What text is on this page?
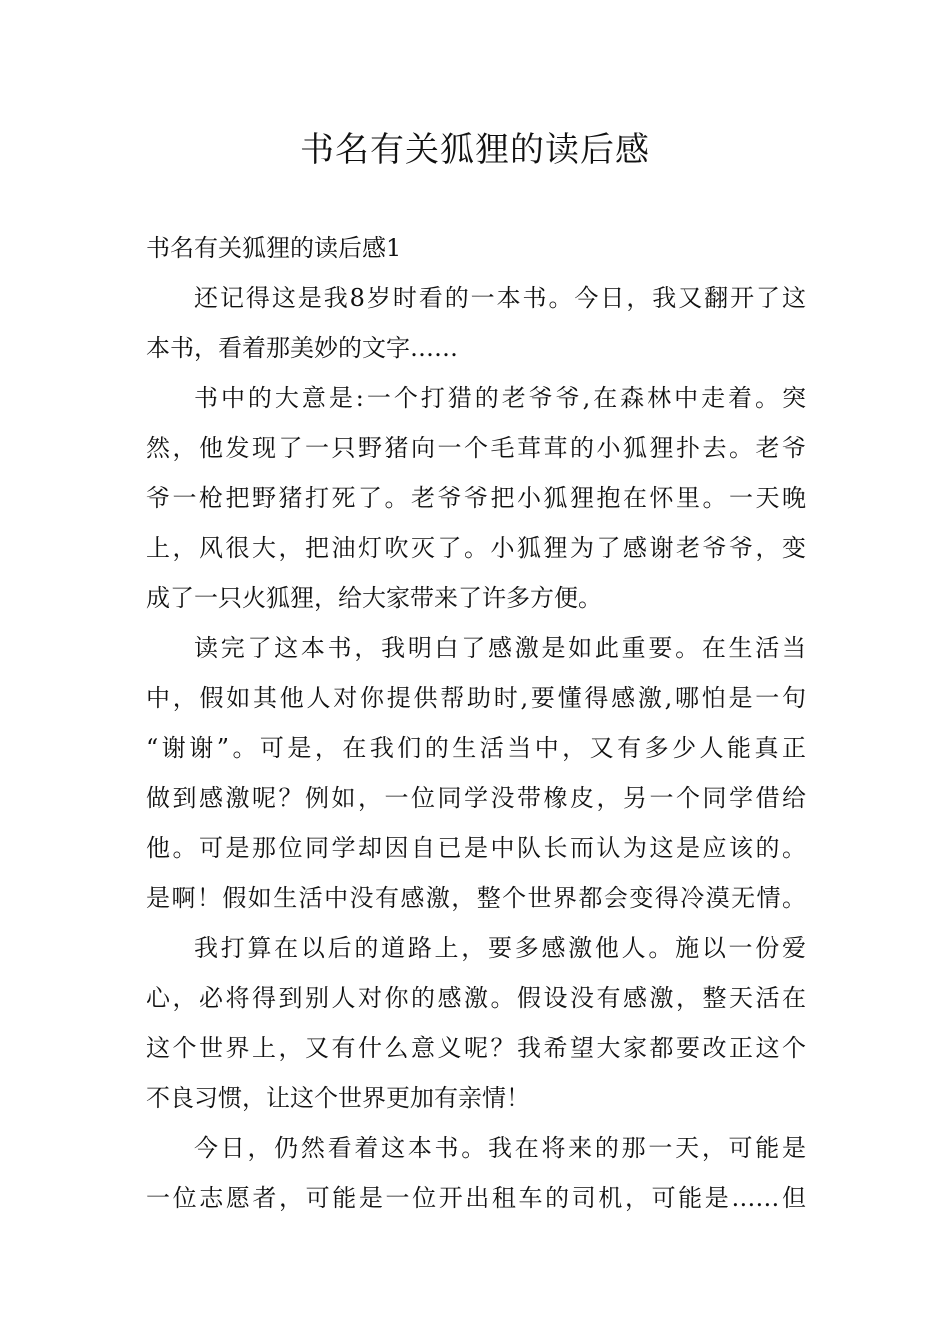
书名有关狐狸的读后感
书名有关狐狸的读后感1
还记得这是我8岁时看的一本书。今日，我又翻开了这
本书，看着那美妙的文字……
书中的大意是:一个打猎的老爷爷,在森林中走着。突
然，他发现了一只野猪向一个毛茸茸的小狐狸扑去。老爷
爷一枪把野猪打死了。老爷爷把小狐狸抱在怀里。一天晚
上，风很大，把油灯吹灭了。小狐狸为了感谢老爷爷，变
成了一只火狐狸，给大家带来了许多方便。
读完了这本书，我明白了感激是如此重要。在生活当
中，假如其他人对你提供帮助时,要懂得感激,哪怕是一句
“谢谢”。可是，在我们的生活当中，又有多少人能真正
做到感激呢？例如，一位同学没带橡皮，另一个同学借给
他。可是那位同学却因自已是中队长而认为这是应该的。
是啊！假如生活中没有感激，整个世界都会变得冷漠无情。
我打算在以后的道路上，要多感激他人。施以一份爱
心，必将得到别人对你的感激。假设没有感激，整天活在
这个世界上，又有什么意义呢？我希望大家都要改正这个
不良习惯，让这个世界更加有亲情！
今日，仍然看着这本书。我在将来的那一天，可能是
一位志愿者，可能是一位开出租车的司机，可能是……但
